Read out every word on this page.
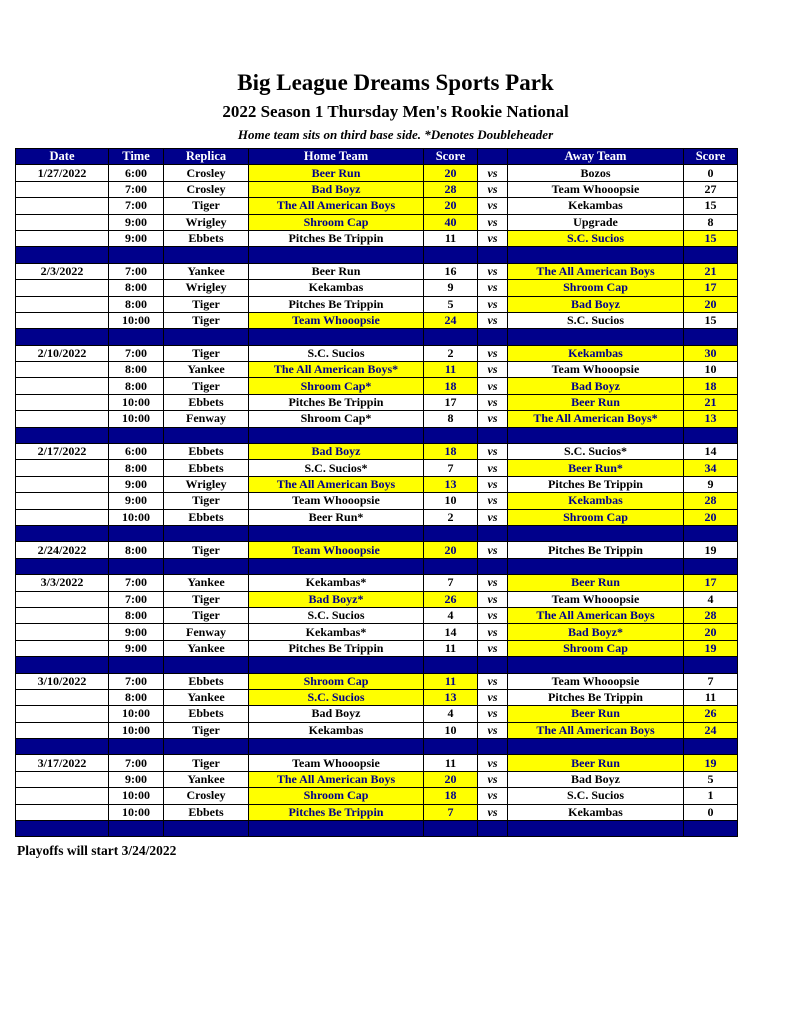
Big League Dreams Sports Park
2022 Season 1 Thursday Men's Rookie National
Home team sits on third base side. *Denotes Doubleheader
Date	Time	Replica	Home Team	Score		Away Team	Score
1/27/2022	6:00	Crosley	Beer Run	20	vs	Bozos	0
	7:00	Crosley	Bad Boyz	28	vs	Team Whooopsie	27
	7:00	Tiger	The All American Boys	20	vs	Kekambas	15
	9:00	Wrigley	Shroom Cap	40	vs	Upgrade	8
	9:00	Ebbets	Pitches Be Trippin	11	vs	S.C. Sucios	15

2/3/2022	7:00	Yankee	Beer Run	16	vs	The All American Boys	21
	8:00	Wrigley	Kekambas	9	vs	Shroom Cap	17
	8:00	Tiger	Pitches Be Trippin	5	vs	Bad Boyz	20
	10:00	Tiger	Team Whooopsie	24	vs	S.C. Sucios	15

2/10/2022	7:00	Tiger	S.C. Sucios	2	vs	Kekambas	30
	8:00	Yankee	The All American Boys*	11	vs	Team Whooopsie	10
	8:00	Tiger	Shroom Cap*	18	vs	Bad Boyz	18
	10:00	Ebbets	Pitches Be Trippin	17	vs	Beer Run	21
	10:00	Fenway	Shroom Cap*	8	vs	The All American Boys*	13

2/17/2022	6:00	Ebbets	Bad Boyz	18	vs	S.C. Sucios*	14
	8:00	Ebbets	S.C. Sucios*	7	vs	Beer Run*	34
	9:00	Wrigley	The All American Boys	13	vs	Pitches Be Trippin	9
	9:00	Tiger	Team Whooopsie	10	vs	Kekambas	28
	10:00	Ebbets	Beer Run*	2	vs	Shroom Cap	20

2/24/2022	8:00	Tiger	Team Whooopsie	20	vs	Pitches Be Trippin	19

3/3/2022	7:00	Yankee	Kekambas*	7	vs	Beer Run	17
	7:00	Tiger	Bad Boyz*	26	vs	Team Whooopsie	4
	8:00	Tiger	S.C. Sucios	4	vs	The All American Boys	28
	9:00	Fenway	Kekambas*	14	vs	Bad Boyz*	20
	9:00	Yankee	Pitches Be Trippin	11	vs	Shroom Cap	19

3/10/2022	7:00	Ebbets	Shroom Cap	11	vs	Team Whooopsie	7
	8:00	Yankee	S.C. Sucios	13	vs	Pitches Be Trippin	11
	10:00	Ebbets	Bad Boyz	4	vs	Beer Run	26
	10:00	Tiger	Kekambas	10	vs	The All American Boys	24

3/17/2022	7:00	Tiger	Team Whooopsie	11	vs	Beer Run	19
	9:00	Yankee	The All American Boys	20	vs	Bad Boyz	5
	10:00	Crosley	Shroom Cap	18	vs	S.C. Sucios	1
	10:00	Ebbets	Pitches Be Trippin	7	vs	Kekambas	0

Playoffs will start 3/24/2022
